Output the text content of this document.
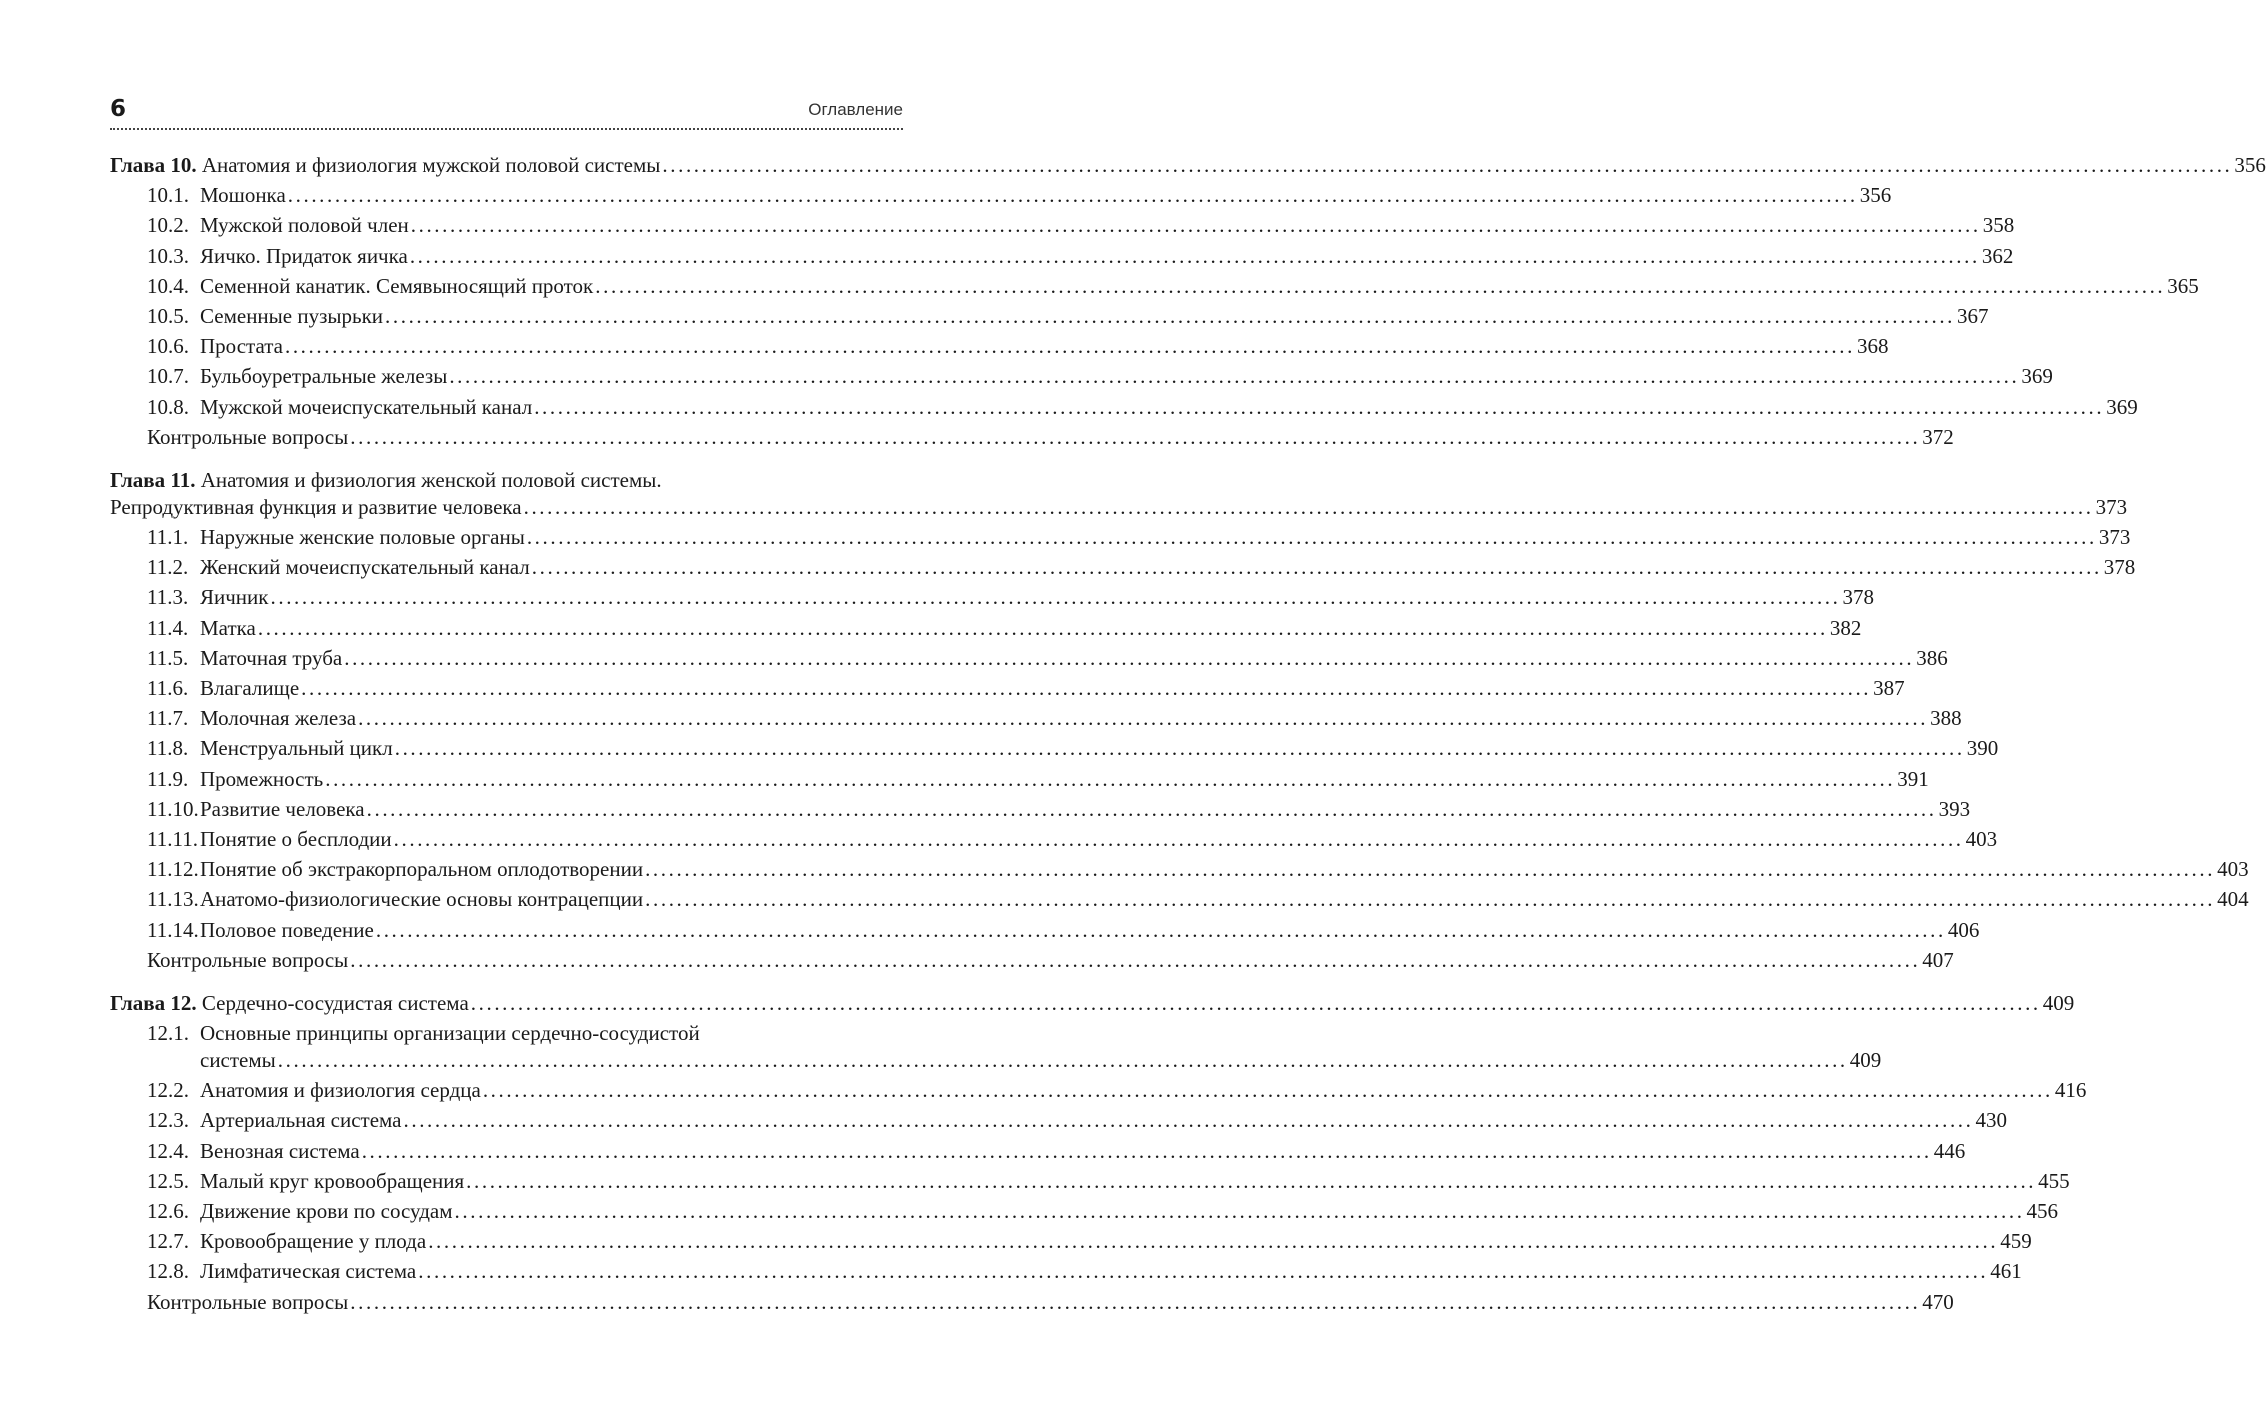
6	Оглавление
Глава 10.
Анатомия и физиология мужской половой системы ........................................................................................................................................................................................................ 356
10.1. Мошонка ........................................................................................................................................................................................................ 356
10.2. Мужской половой член ........................................................................................................................................................................................................ 358
10.3. Яичко. Придаток яичка ........................................................................................................................................................................................................ 362
10.4. Семенной канатик. Семявыносящий проток ........................................................................................................................................................................................................ 365
10.5. Семенные пузырьки ........................................................................................................................................................................................................ 367
10.6. Простата ........................................................................................................................................................................................................ 368
10.7. Бульбоуретральные железы ........................................................................................................................................................................................................ 369
10.8. Мужской мочеиспускательный канал ........................................................................................................................................................................................................ 369
Контрольные вопросы ........................................................................................................................................................................................................ 372
Глава 11.
Анатомия и физиология женской половой системы.
Репродуктивная функция и развитие человека ........................................................................................................................................................................................................ 373
11.1. Наружные женские половые органы ........................................................................................................................................................................................................ 373
11.2. Женский мочеиспускательный канал ........................................................................................................................................................................................................ 378
11.3. Яичник ........................................................................................................................................................................................................ 378
11.4. Матка ........................................................................................................................................................................................................ 382
11.5. Маточная труба ........................................................................................................................................................................................................ 386
11.6. Влагалище ........................................................................................................................................................................................................ 387
11.7. Молочная железа ........................................................................................................................................................................................................ 388
11.8. Менструальный цикл ........................................................................................................................................................................................................ 390
11.9. Промежность ........................................................................................................................................................................................................ 391
11.10. Развитие человека ........................................................................................................................................................................................................ 393
11.11. Понятие о бесплодии ........................................................................................................................................................................................................ 403
11.12. Понятие об экстракорпоральном оплодотворении ........................................................................................................................................................................................................ 403
11.13. Анатомо-физиологические основы контрацепции ........................................................................................................................................................................................................ 404
11.14. Половое поведение ........................................................................................................................................................................................................ 406
Контрольные вопросы ........................................................................................................................................................................................................ 407
Глава 12.
Сердечно-сосудистая система ........................................................................................................................................................................................................ 409
12.1. Основные принципы организации сердечно-сосудистой
системы ........................................................................................................................................................................................................ 409
12.2. Анатомия и физиология сердца ........................................................................................................................................................................................................ 416
12.3. Артериальная система ........................................................................................................................................................................................................ 430
12.4. Венозная система ........................................................................................................................................................................................................ 446
12.5. Малый круг кровообращения ........................................................................................................................................................................................................ 455
12.6. Движение крови по сосудам ........................................................................................................................................................................................................ 456
12.7. Кровообращение у плода ........................................................................................................................................................................................................ 459
12.8. Лимфатическая система ........................................................................................................................................................................................................ 461
Контрольные вопросы ........................................................................................................................................................................................................ 470
